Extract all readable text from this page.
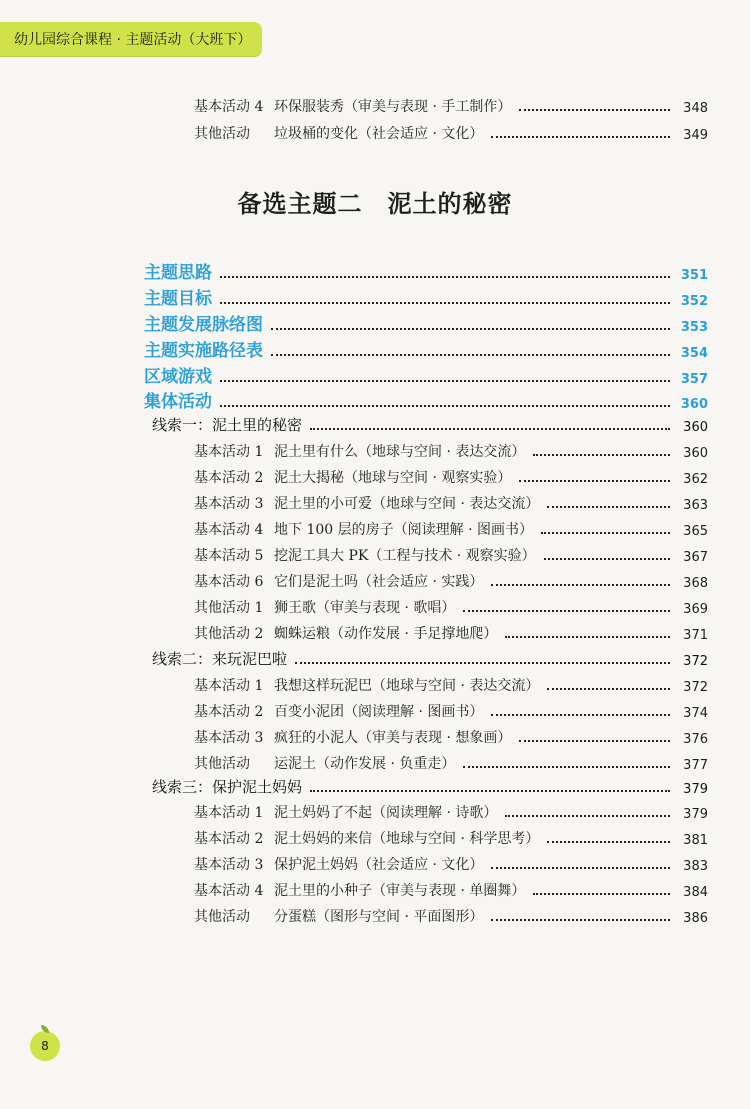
幼儿园综合课程 · 主题活动（大班下）
基本活动 4 环保服装秀（审美与表现 · 手工制作）	348
其他活动 垃圾桶的变化（社会适应 · 文化）	349
备选主题二　泥土的秘密
主题思路	351
主题目标	352
主题发展脉络图	353
主题实施路径表	354
区域游戏	357
集体活动	360
线索一：泥土里的秘密	360
基本活动 1 泥土里有什么（地球与空间 · 表达交流）	360
基本活动 2 泥土大揭秘（地球与空间 · 观察实验）	362
基本活动 3 泥土里的小可爱（地球与空间 · 表达交流）	363
基本活动 4 地下 100 层的房子（阅读理解 · 图画书）	365
基本活动 5 挖泥工具大 PK（工程与技术 · 观察实验）	367
基本活动 6 它们是泥土吗（社会适应 · 实践）	368
其他活动 1 狮王歌（审美与表现 · 歌唱）	369
其他活动 2 蜘蛛运粮（动作发展 · 手足撑地爬）	371
线索二：来玩泥巴啦	372
基本活动 1 我想这样玩泥巴（地球与空间 · 表达交流）	372
基本活动 2 百变小泥团（阅读理解 · 图画书）	374
基本活动 3 疯狂的小泥人（审美与表现 · 想象画）	376
其他活动 运泥土（动作发展 · 负重走）	377
线索三：保护泥土妈妈	379
基本活动 1 泥土妈妈了不起（阅读理解 · 诗歌）	379
基本活动 2 泥土妈妈的来信（地球与空间 · 科学思考）	381
基本活动 3 保护泥土妈妈（社会适应 · 文化）	383
基本活动 4 泥土里的小种子（审美与表现 · 单圈舞）	384
其他活动 分蛋糕（图形与空间 · 平面图形）	386
8
